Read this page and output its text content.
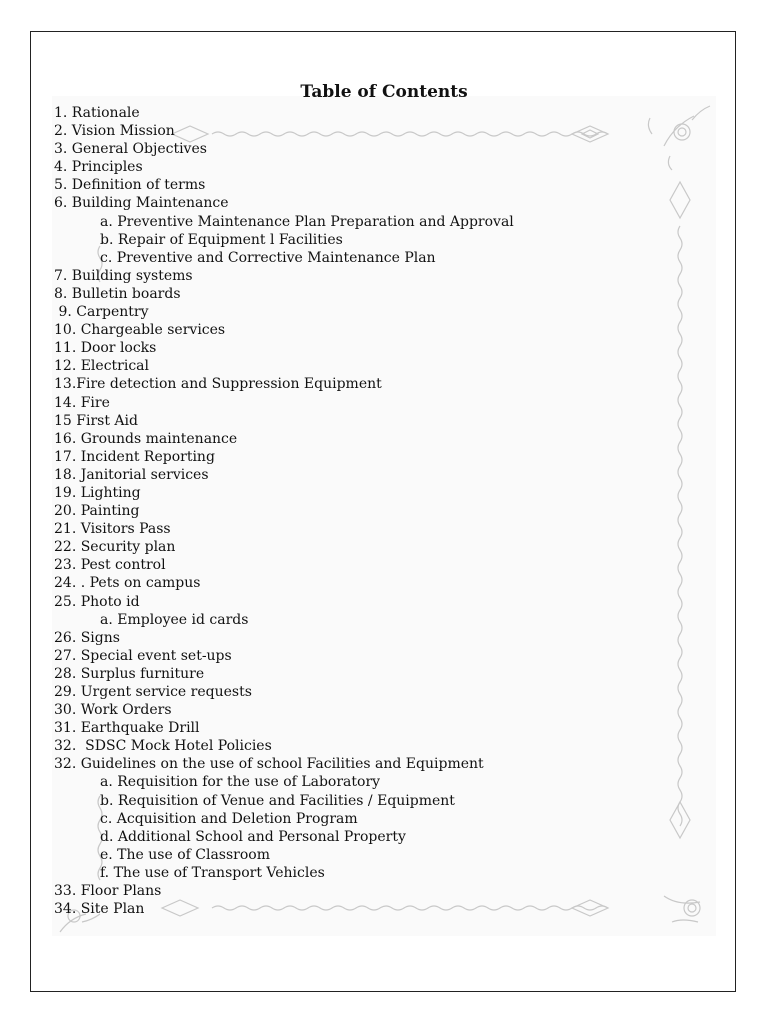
Table of Contents
1. Rationale
2. Vision Mission
3. General Objectives
4. Principles
5. Definition of terms
6. Building Maintenance
a. Preventive Maintenance Plan Preparation and Approval
b. Repair of Equipment l Facilities
c. Preventive and Corrective Maintenance Plan
7. Building systems
8. Bulletin boards
9. Carpentry
10. Chargeable services
11. Door locks
12. Electrical
13.Fire detection and Suppression Equipment
14. Fire
15 First Aid
16. Grounds maintenance
17. Incident Reporting
18. Janitorial services
19. Lighting
20. Painting
21. Visitors Pass
22. Security plan
23. Pest control
24. . Pets on campus
25. Photo id
a. Employee id cards
26. Signs
27. Special event set-ups
28. Surplus furniture
29. Urgent service requests
30. Work Orders
31. Earthquake Drill
32.  SDSC Mock Hotel Policies
32. Guidelines on the use of school Facilities and Equipment
a. Requisition for the use of Laboratory
b. Requisition of Venue and Facilities / Equipment
c. Acquisition and Deletion Program
d. Additional School and Personal Property
e. The use of Classroom
f. The use of Transport Vehicles
33. Floor Plans
34. Site Plan
